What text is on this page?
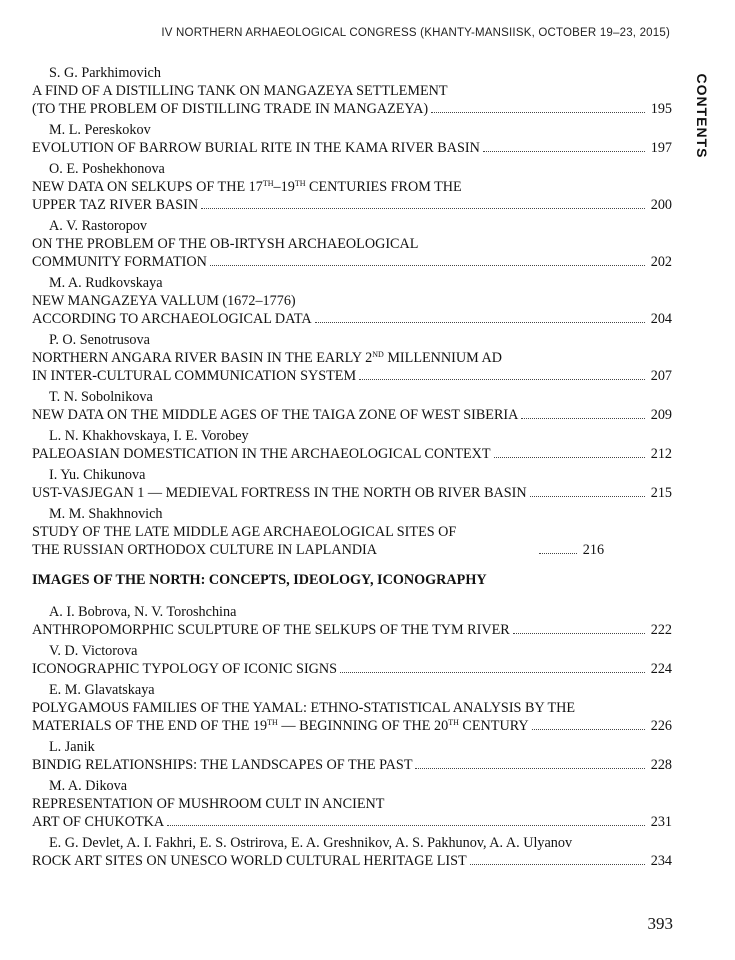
IV NORTHERN ARHAEOLOGICAL CONGRESS (KHANTY-MANSIISK, OCTOBER 19–23, 2015)
CONTENTS
S. G. Parkhimovich
A FIND OF A DISTILLING TANK ON MANGAZEYA SETTLEMENT
(TO THE PROBLEM OF DISTILLING TRADE IN MANGAZEYA)	195
M. L. Pereskokov
EVOLUTION OF BARROW BURIAL RITE IN THE KAMA RIVER BASIN	197
O. E. Poshekhonova
NEW DATA ON SELKUPS OF THE 17TH–19TH CENTURIES FROM THE
UPPER TAZ RIVER BASIN	200
A. V. Rastoropov
ON THE PROBLEM OF THE OB-IRTYSH ARCHAEOLOGICAL
COMMUNITY FORMATION	202
M. A. Rudkovskaya
NEW MANGAZEYA VALLUM (1672–1776)
ACCORDING TO ARCHAEOLOGICAL DATA	204
P. O. Senotrusova
NORTHERN ANGARA RIVER BASIN IN THE EARLY 2ND MILLENNIUM AD
IN INTER-CULTURAL COMMUNICATION SYSTEM	207
T. N. Sobolnikova
NEW DATA ON THE MIDDLE AGES OF THE TAIGA ZONE OF WEST SIBERIA	209
L. N. Khakhovskaya, I. E. Vorobey
PALEOASIAN DOMESTICATION IN THE ARCHAEOLOGICAL CONTEXT	212
I. Yu. Chikunova
UST-VASJEGAN 1 — MEDIEVAL FORTRESS IN THE NORTH OB RIVER BASIN	215
M. M. Shakhnovich
STUDY OF THE LATE MIDDLE AGE ARCHAEOLOGICAL SITES OF
THE RUSSIAN ORTHODOX CULTURE IN LAPLANDIA	216
IMAGES OF THE NORTH: CONCEPTS, IDEOLOGY, ICONOGRAPHY
A. I. Bobrova, N. V. Toroshchina
ANTHROPOMORPHIC SCULPTURE OF THE SELKUPS OF THE TYM RIVER	222
V. D. Victorova
ICONOGRAPHIC TYPOLOGY OF ICONIC SIGNS	224
E. M. Glavatskaya
POLYGAMOUS FAMILIES OF THE YAMAL: ETHNO-STATISTICAL ANALYSIS BY THE
MATERIALS OF THE END OF THE 19TH — BEGINNING OF THE 20TH CENTURY	226
L. Janik
BINDIG RELATIONSHIPS: THE LANDSCAPES OF THE PAST	228
M. A. Dikova
REPRESENTATION OF MUSHROOM CULT IN ANCIENT
ART OF CHUKOTKA	231
E. G. Devlet, A. I. Fakhri, E. S. Ostrirova, E. A. Greshnikov, A. S. Pakhunov, A. A. Ulyanov
ROCK ART SITES ON UNESCO WORLD CULTURAL HERITAGE LIST	234
393
